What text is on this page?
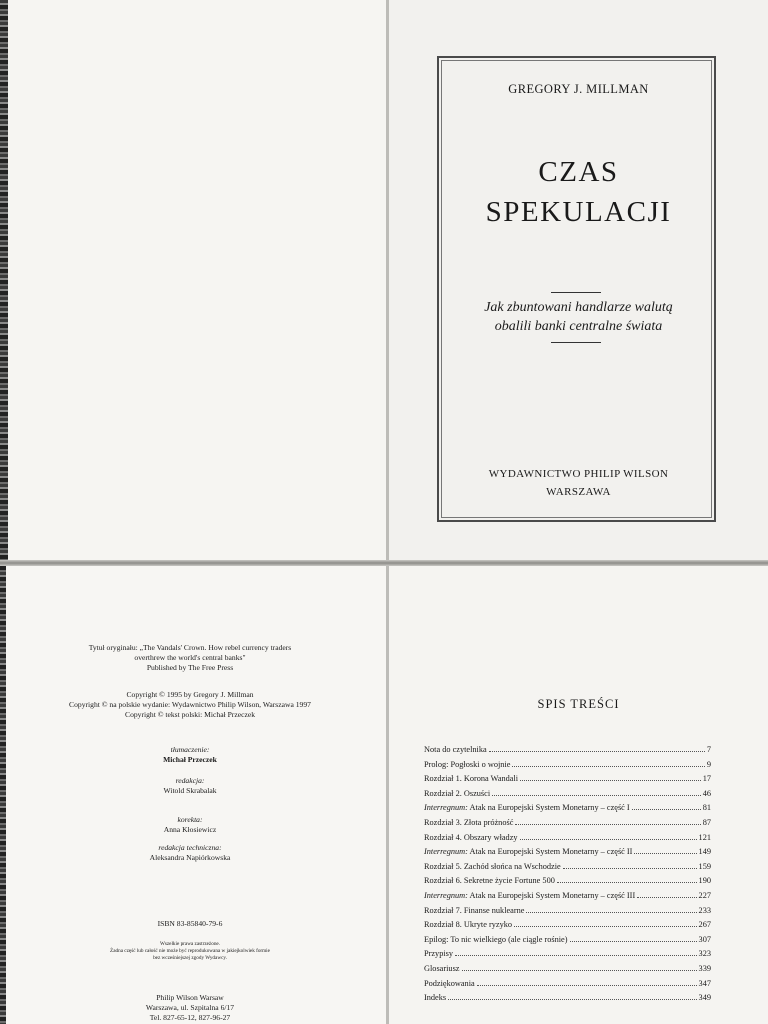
GREGORY J. MILLMAN
CZAS
SPEKULACJI
Jak zbuntowani handlarze walutą
obalili banki centralne świata
WYDAWNICTWO PHILIP WILSON
WARSZAWA
Tytuł oryginału: „The Vandals' Crown. How rebel currency traders
overthrew the world's central banks"
Published by The Free Press
Copyright © 1995 by Gregory J. Millman
Copyright © na polskie wydanie: Wydawnictwo Philip Wilson, Warszawa 1997
Copyright © tekst polski: Michał Przeczek
tłumaczenie:
Michał Przeczek
redakcja:
Witold Skrabalak
korekta:
Anna Kłosiewicz
redakcja techniczna:
Aleksandra Napiórkowska
ISBN 83-85840-79-6
Wszelkie prawa zastrzeżone.
Żadna część lub całość nie może być reprodukowana w jakiejkolwiek formie
bez wcześniejszej zgody Wydawcy.
Philip Wilson Warsaw
Warszawa, ul. Szpitalna 6/17
Tel. 827-65-12, 827-96-27
SPIS TREŚCI
Nota do czytelnika	7
Prolog: Pogłoski o wojnie	9
Rozdział 1. Korona Wandali	17
Rozdział 2. Oszuści	46
Interregnum: Atak na Europejski System Monetarny – część I	81
Rozdział 3. Złota próżność	87
Rozdział 4. Obszary władzy	121
Interregnum: Atak na Europejski System Monetarny – część II	149
Rozdział 5. Zachód słońca na Wschodzie	159
Rozdział 6. Sekretne życie Fortune 500	190
Interregnum: Atak na Europejski System Monetarny – część III	227
Rozdział 7. Finanse nuklearne	233
Rozdział 8. Ukryte ryzyko	267
Epilog: To nic wielkiego (ale ciągle rośnie)	307
Przypisy	323
Glosariusz	339
Podziękowania	347
Indeks	349
